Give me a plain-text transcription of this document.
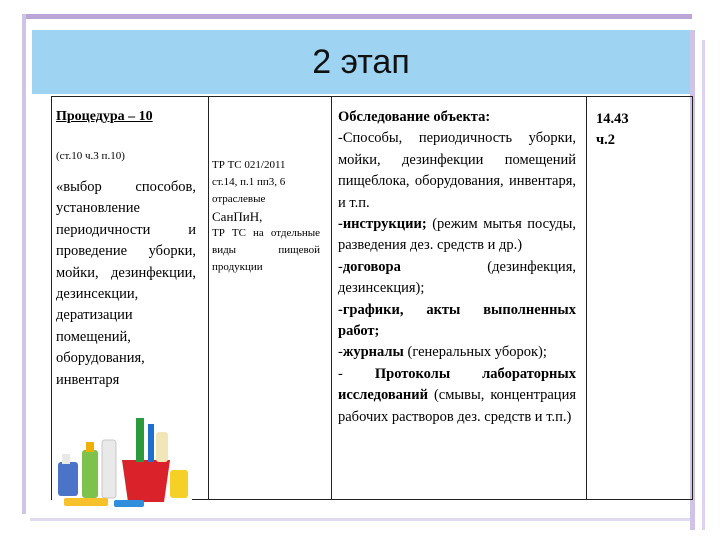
2 этап
Процедура – 10
(ст.10 ч.3 п.10)
«выбор способов, установление периодичности и проведение уборки, мойки, дезинфекции, дезинсекции, дератизации помещений, оборудования, инвентаря
ТР ТС 021/2011
ст.14, п.1 пп3, 6
отраслевые
СанПиН,
ТР ТС на отдельные виды пищевой продукции

Обследование объекта:

-Способы, периодичность уборки, мойки, дезинфекции помещений пищеблока, оборудования, инвентаря, и т.п.

-инструкции; (режим мытья посуды, разведения дез. средств и др.)

-договора (дезинфекция, дезинсекция);

-графики, акты выполненных работ;

-журналы (генеральных уборок);

- Протоколы лабораторных исследований (смывы, концентрация рабочих растворов дез. средств и т.п.)

14.43
ч.2
